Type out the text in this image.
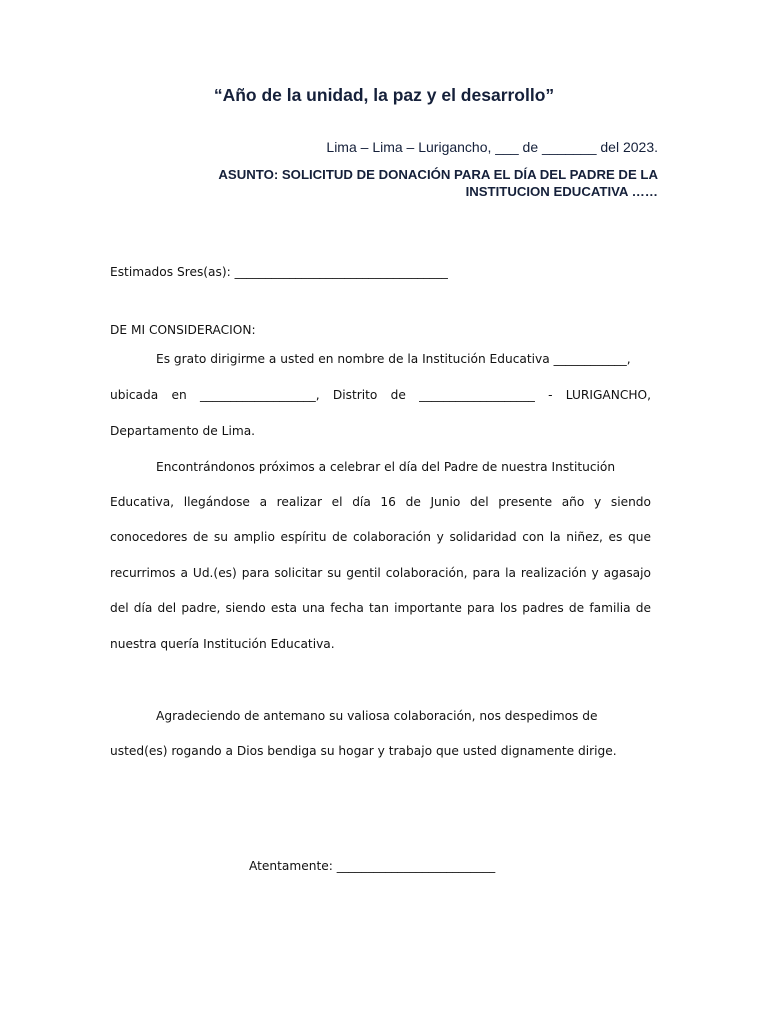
“Año de la unidad, la paz y el desarrollo”
Lima – Lima – Lurigancho, ___ de _______ del 2023.
ASUNTO: SOLICITUD DE DONACIÓN PARA EL DÍA DEL PADRE DE LA
INSTITUCION EDUCATIVA ……
Estimados Sres(as): ___________________________________
DE MI CONSIDERACION:
Es grato dirigirme a usted en nombre de la Institución Educativa ____________,
ubicada en ___________________, Distrito de ___________________ - LURIGANCHO,
Departamento de Lima.
Encontrándonos próximos a celebrar el día del Padre de nuestra Institución
Educativa, llegándose a realizar el día 16 de Junio del presente año y siendo
conocedores de su amplio espíritu de colaboración y solidaridad con la niñez, es que
recurrimos a Ud.(es) para solicitar su gentil colaboración, para la realización y agasajo
del día del padre, siendo esta una fecha tan importante para los padres de familia de
nuestra quería Institución Educativa.
Agradeciendo de antemano su valiosa colaboración, nos despedimos de
usted(es) rogando a Dios bendiga su hogar y trabajo que usted dignamente dirige.
Atentamente: __________________________
